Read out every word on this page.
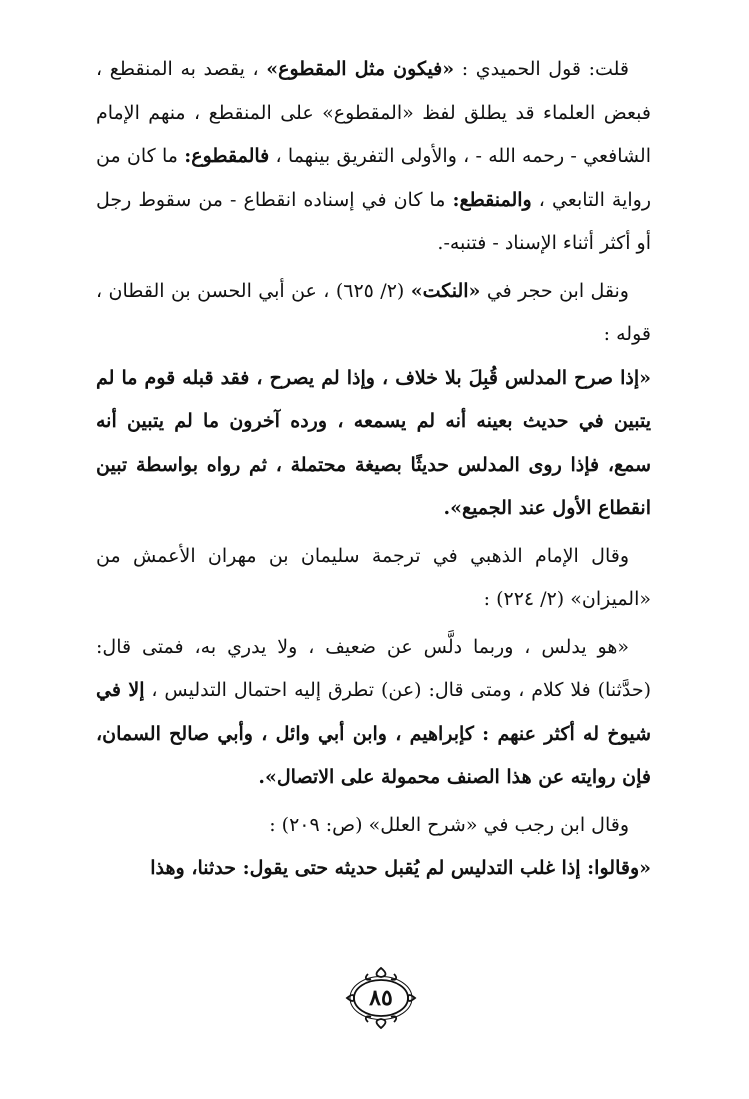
قلت: قول الحميدي : «فيكون مثل المقطوع» ، يقصد به المنقطع ، فبعض العلماء قد يطلق لفظ «المقطوع» على المنقطع ، منهم الإمام الشافعي - رحمه الله - ، والأولى التفريق بينهما ، فالمقطوع: ما كان من رواية التابعي ، والمنقطع: ما كان في إسناده انقطاع - من سقوط رجل أو أكثر أثناء الإسناد - فتنبه-.

ونقل ابن حجر في «النكت» (٢/ ٦٢٥) ، عن أبي الحسن بن القطان ، قوله :

«إذا صرح المدلس قُبِلَ بلا خلاف ، وإذا لم يصرح ، فقد قبله قوم ما لم يتبين في حديث بعينه أنه لم يسمعه ، ورده آخرون ما لم يتبين أنه سمع، فإذا روى المدلس حديثًا بصيغة محتملة ، ثم رواه بواسطة تبين انقطاع الأول عند الجميع».

وقال الإمام الذهبي في ترجمة سليمان بن مهران الأعمش من «الميزان» (٢/ ٢٢٤) :

«هو يدلس ، وربما دلَّس عن ضعيف ، ولا يدري به، فمتى قال: (حدَّثنا) فلا كلام ، ومتى قال: (عن) تطرق إليه احتمال التدليس ، إلا في شيوخ له أكثر عنهم : كإبراهيم ، وابن أبي وائل ، وأبي صالح السمان، فإن روايته عن هذا الصنف محمولة على الاتصال».

وقال ابن رجب في «شرح العلل» (ص: ٢٠٩) :

«وقالوا: إذا غلب التدليس لم يُقبل حديثه حتى يقول: حدثنا، وهذا

٨٥
